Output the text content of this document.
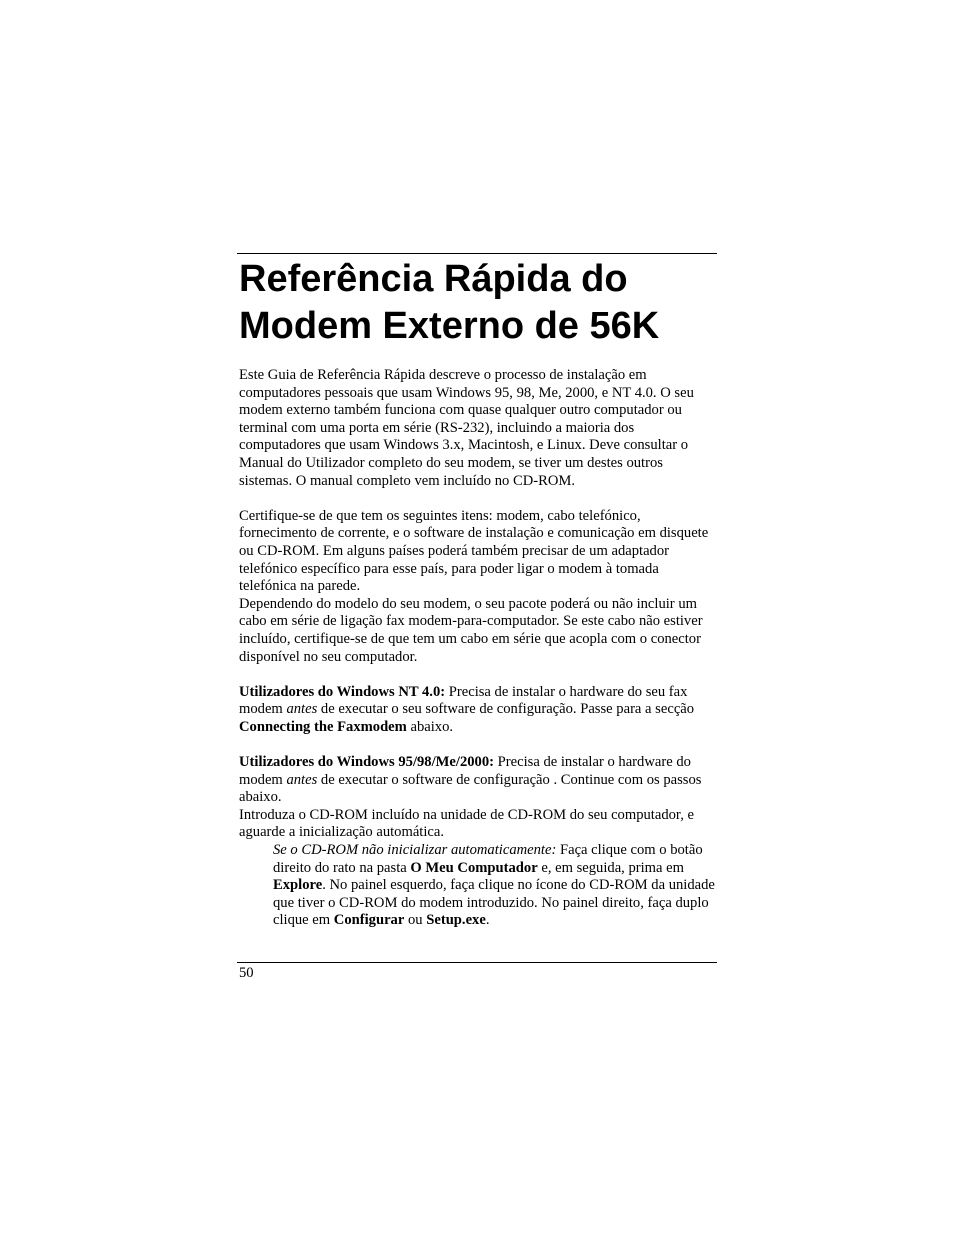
Referência Rápida do
Modem Externo de 56K

Este Guia de Referência Rápida descreve o processo de instalação em computadores pessoais que usam Windows 95, 98, Me, 2000, e NT 4.0. O seu modem externo também funciona com quase qualquer outro computador ou terminal com uma porta em série (RS-232), incluindo a maioria dos computadores que usam Windows 3.x, Macintosh, e Linux. Deve consultar o Manual do Utilizador completo do seu modem, se tiver um destes outros sistemas. O manual completo vem incluído no CD-ROM.

Certifique-se de que tem os seguintes itens: modem, cabo telefónico, fornecimento de corrente, e o software de instalação e comunicação em disquete ou CD-ROM. Em alguns países poderá também precisar de um adaptador telefónico específico para esse país, para poder ligar o modem à tomada telefónica na parede.

Dependendo do modelo do seu modem, o seu pacote poderá ou não incluir um cabo em série de ligação fax modem-para-computador. Se este cabo não estiver incluído, certifique-se de que tem um cabo em série que acopla com o conector disponível no seu computador.

Utilizadores do Windows NT 4.0: Precisa de instalar o hardware do seu fax modem antes de executar o seu software de configuração. Passe para a secção Connecting the Faxmodem abaixo.

Utilizadores do Windows 95/98/Me/2000: Precisa de instalar o hardware do modem antes de executar o software de configuração . Continue com os passos abaixo.

Introduza o CD-ROM incluído na unidade de CD-ROM do seu computador, e aguarde a inicialização automática.

Se o CD-ROM não inicializar automaticamente: Faça clique com o botão direito do rato na pasta O Meu Computador e, em seguida, prima em Explore. No painel esquerdo, faça clique no ícone do CD-ROM da unidade que tiver o CD-ROM do modem introduzido. No painel direito, faça duplo clique em Configurar ou Setup.exe.

50
